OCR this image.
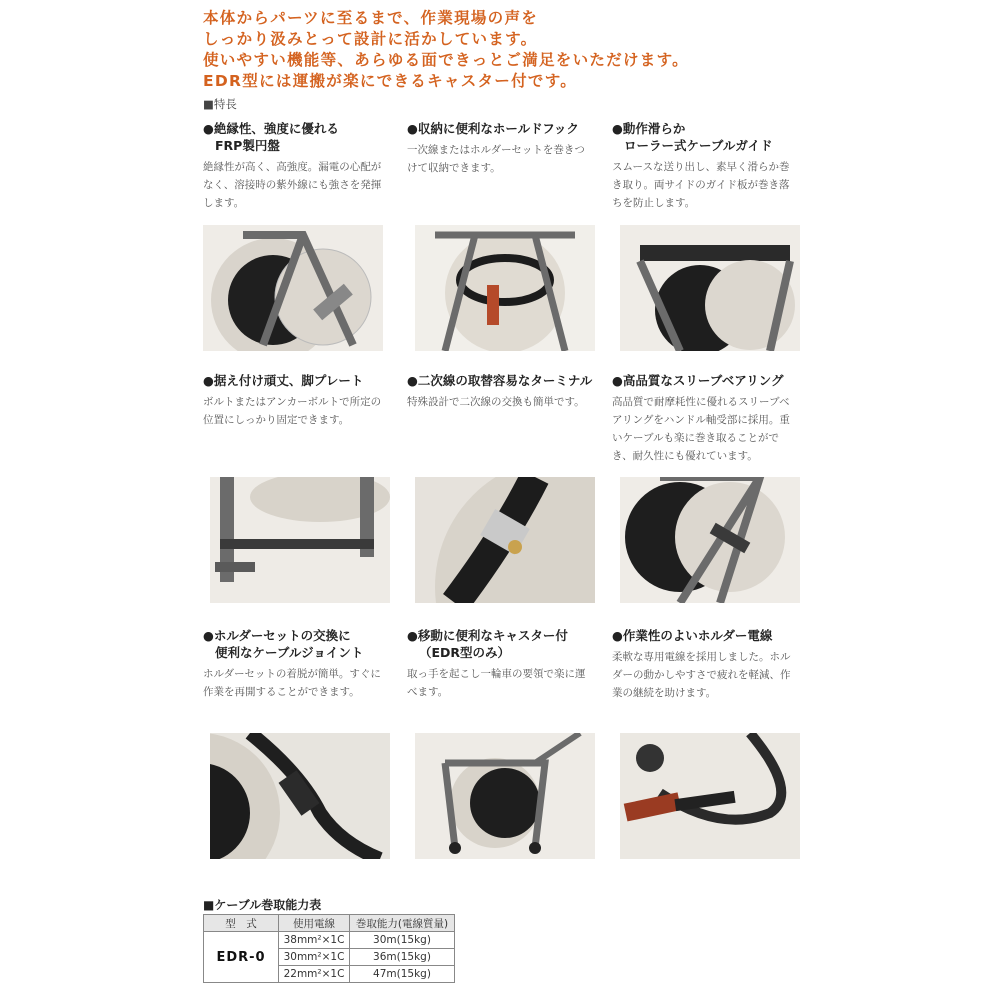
本体からパーツに至るまで、作業現場の声を
しっかり汲みとって設計に活かしています。
使いやすい機能等、あらゆる面できっとご満足をいただけます。
EDR型には運搬が楽にできるキャスター付です。
■特長
●絶縁性、強度に優れる
FRP製円盤
絶縁性が高く、高強度。漏電の心配がなく、溶接時の紫外線にも強さを発揮します。
●収納に便利なホールドフック
一次線またはホルダーセットを巻きつけて収納できます。
●動作滑らか
ローラー式ケーブルガイド
スムースな送り出し、素早く滑らか巻き取り。両サイドのガイド板が巻き落ちを防止します。
●据え付け頑丈、脚プレート
ボルトまたはアンカーボルトで所定の位置にしっかり固定できます。
●二次線の取替容易なターミナル
特殊設計で二次線の交換も簡単です。
●高品質なスリーブベアリング
高品質で耐摩耗性に優れるスリーブベアリングをハンドル軸受部に採用。重いケーブルも楽に巻き取ることができ、耐久性にも優れています。
●ホルダーセットの交換に
便利なケーブルジョイント
ホルダーセットの着脱が簡単。すぐに作業を再開することができます。
●移動に便利なキャスター付
（EDR型のみ）
取っ手を起こし一輪車の要領で楽に運べます。
●作業性のよいホルダー電線
柔軟な専用電線を採用しました。ホルダーの動かしやすさで疲れを軽減、作業の継続を助けます。
■ケーブル巻取能力表
型　式	使用電線	巻取能力(電線質量)
EDR-0	38mm²×1C	30m(15kg)
	30mm²×1C	36m(15kg)
	22mm²×1C	47m(15kg)
